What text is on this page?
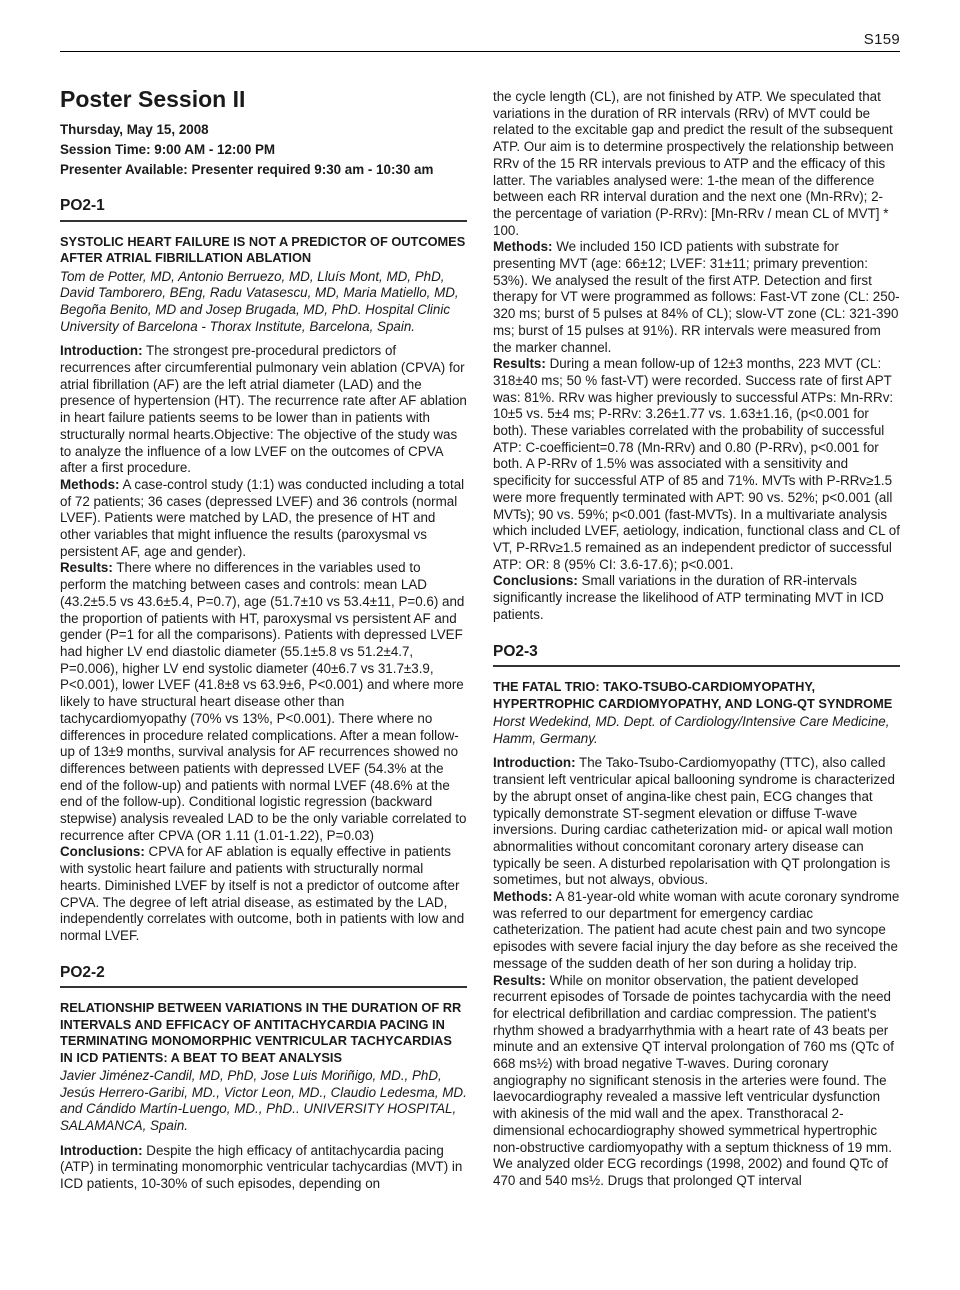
S159
Poster Session II
Thursday, May 15, 2008
Session Time: 9:00 AM - 12:00 PM
Presenter Available: Presenter required 9:30 am - 10:30 am
PO2-1
SYSTOLIC HEART FAILURE IS NOT A PREDICTOR OF OUTCOMES AFTER ATRIAL FIBRILLATION ABLATION
Tom de Potter, MD, Antonio Berruezo, MD, Lluís Mont, MD, PhD, David Tamborero, BEng, Radu Vatasescu, MD, Maria Matiello, MD, Begoña Benito, MD and Josep Brugada, MD, PhD. Hospital Clinic University of Barcelona - Thorax Institute, Barcelona, Spain.

Introduction: The strongest pre-procedural predictors of recurrences after circumferential pulmonary vein ablation (CPVA) for atrial fibrillation (AF) are the left atrial diameter (LAD) and the presence of hypertension (HT). The recurrence rate after AF ablation in heart failure patients seems to be lower than in patients with structurally normal hearts.Objective: The objective of the study was to analyze the influence of a low LVEF on the outcomes of CPVA after a first procedure.

Methods: A case-control study (1:1) was conducted including a total of 72 patients; 36 cases (depressed LVEF) and 36 controls (normal LVEF). Patients were matched by LAD, the presence of HT and other variables that might influence the results (paroxysmal vs persistent AF, age and gender).

Results: There where no differences in the variables used to perform the matching between cases and controls: mean LAD (43.2±5.5 vs 43.6±5.4, P=0.7), age (51.7±10 vs 53.4±11, P=0.6) and the proportion of patients with HT, paroxysmal vs persistent AF and gender (P=1 for all the comparisons). Patients with depressed LVEF had higher LV end diastolic diameter (55.1±5.8 vs 51.2±4.7, P=0.006), higher LV end systolic diameter (40±6.7 vs 31.7±3.9, P<0.001), lower LVEF (41.8±8 vs 63.9±6, P<0.001) and where more likely to have structural heart disease other than tachycardiomyopathy (70% vs 13%, P<0.001). There where no differences in procedure related complications. After a mean follow-up of 13±9 months, survival analysis for AF recurrences showed no differences between patients with depressed LVEF (54.3% at the end of the follow-up) and patients with normal LVEF (48.6% at the end of the follow-up). Conditional logistic regression (backward stepwise) analysis revealed LAD to be the only variable correlated to recurrence after CPVA (OR 1.11 (1.01-1.22), P=0.03)

Conclusions: CPVA for AF ablation is equally effective in patients with systolic heart failure and patients with structurally normal hearts. Diminished LVEF by itself is not a predictor of outcome after CPVA. The degree of left atrial disease, as estimated by the LAD, independently correlates with outcome, both in patients with low and normal LVEF.

PO2-2
RELATIONSHIP BETWEEN VARIATIONS IN THE DURATION OF RR INTERVALS AND EFFICACY OF ANTITACHYCARDIA PACING IN TERMINATING MONOMORPHIC VENTRICULAR TACHYCARDIAS IN ICD PATIENTS: A BEAT TO BEAT ANALYSIS
Javier Jiménez-Candil, MD, PhD, Jose Luis Moriñigo, MD., PhD, Jesús Herrero-Garibi, MD., Victor Leon, MD., Claudio Ledesma, MD. and Cándido Martín-Luengo, MD., PhD.. UNIVERSITY HOSPITAL, SALAMANCA, Spain.

Introduction: Despite the high efficacy of antitachycardia pacing (ATP) in terminating monomorphic ventricular tachycardias (MVT) in ICD patients, 10-30% of such episodes, depending on

the cycle length (CL), are not finished by ATP. We speculated that variations in the duration of RR intervals (RRv) of MVT could be related to the excitable gap and predict the result of the subsequent ATP. Our aim is to determine prospectively the relationship between RRv of the 15 RR intervals previous to ATP and the efficacy of this latter. The variables analysed were: 1-the mean of the difference between each RR interval duration and the next one (Mn-RRv); 2-the percentage of variation (P-RRv): [Mn-RRv / mean CL of MVT] * 100.

Methods: We included 150 ICD patients with substrate for presenting MVT (age: 66±12; LVEF: 31±11; primary prevention: 53%). We analysed the result of the first ATP. Detection and first therapy for VT were programmed as follows: Fast-VT zone (CL: 250-320 ms; burst of 5 pulses at 84% of CL); slow-VT zone (CL: 321-390 ms; burst of 15 pulses at 91%). RR intervals were measured from the marker channel.

Results: During a mean follow-up of 12±3 months, 223 MVT (CL: 318±40 ms; 50 % fast-VT) were recorded. Success rate of first APT was: 81%. RRv was higher previously to successful ATPs: Mn-RRv: 10±5 vs. 5±4 ms; P-RRv: 3.26±1.77 vs. 1.63±1.16, (p<0.001 for both). These variables correlated with the probability of successful ATP: C-coefficient=0.78 (Mn-RRv) and 0.80 (P-RRv), p<0.001 for both. A P-RRv of 1.5% was associated with a sensitivity and specificity for successful ATP of 85 and 71%. MVTs with P-RRv≥1.5 were more frequently terminated with APT: 90 vs. 52%; p<0.001 (all MVTs); 90 vs. 59%; p<0.001 (fast-MVTs). In a multivariate analysis which included LVEF, aetiology, indication, functional class and CL of VT, P-RRv≥1.5 remained as an independent predictor of successful ATP: OR: 8 (95% CI: 3.6-17.6); p<0.001.

Conclusions: Small variations in the duration of RR-intervals significantly increase the likelihood of ATP terminating MVT in ICD patients.

PO2-3
THE FATAL TRIO: TAKO-TSUBO-CARDIOMYOPATHY, HYPERTROPHIC CARDIOMYOPATHY, AND LONG-QT SYNDROME
Horst Wedekind, MD. Dept. of Cardiology/Intensive Care Medicine, Hamm, Germany.

Introduction: The Tako-Tsubo-Cardiomyopathy (TTC), also called transient left ventricular apical ballooning syndrome is characterized by the abrupt onset of angina-like chest pain, ECG changes that typically demonstrate ST-segment elevation or diffuse T-wave inversions. During cardiac catheterization mid- or apical wall motion abnormalities without concomitant coronary artery disease can typically be seen. A disturbed repolarisation with QT prolongation is sometimes, but not always, obvious.

Methods: A 81-year-old white woman with acute coronary syndrome was referred to our department for emergency cardiac catheterization. The patient had acute chest pain and two syncope episodes with severe facial injury the day before as she received the message of the sudden death of her son during a holiday trip.

Results: While on monitor observation, the patient developed recurrent episodes of Torsade de pointes tachycardia with the need for electrical defibrillation and cardiac compression. The patient's rhythm showed a bradyarrhythmia with a heart rate of 43 beats per minute and an extensive QT interval prolongation of 760 ms (QTc of 668 ms½) with broad negative T-waves. During coronary angiography no significant stenosis in the arteries were found. The laevocardiography revealed a massive left ventricular dysfunction with akinesis of the mid wall and the apex. Transthoracal 2-dimensional echocardiography showed symmetrical hypertrophic non-obstructive cardiomyopathy with a septum thickness of 19 mm. We analyzed older ECG recordings (1998, 2002) and found QTc of 470 and 540 ms½. Drugs that prolonged QT interval
